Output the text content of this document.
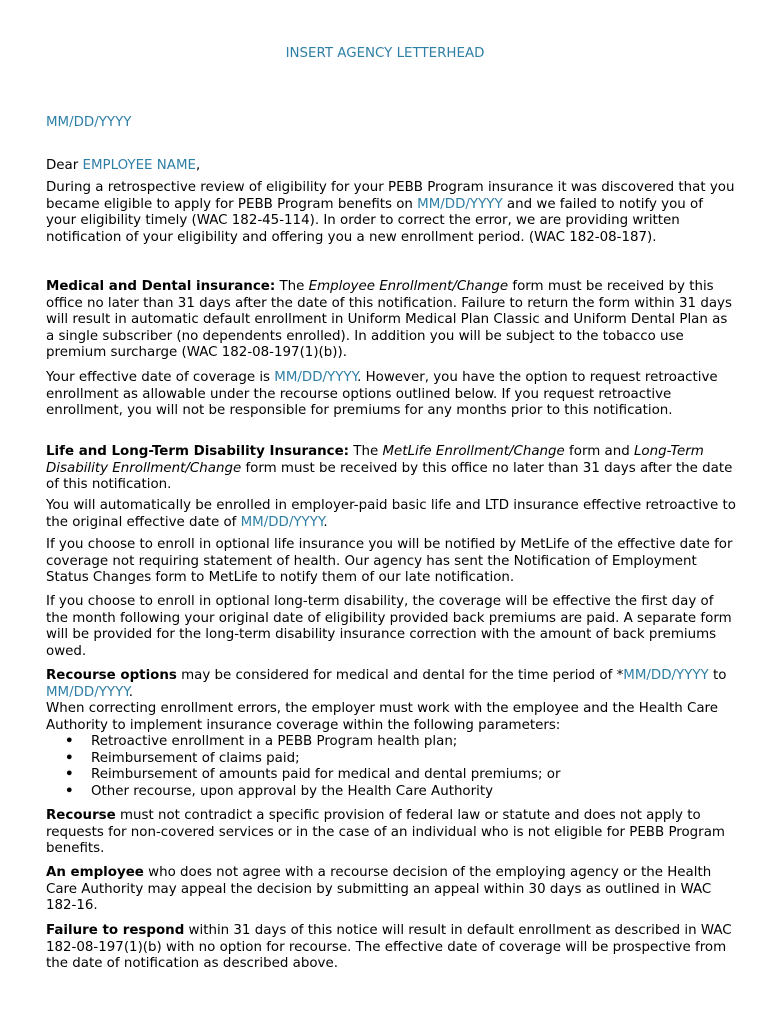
INSERT AGENCY LETTERHEAD
MM/DD/YYYY
Dear EMPLOYEE NAME,
During a retrospective review of eligibility for your PEBB Program insurance it was discovered that you became eligible to apply for PEBB Program benefits on MM/DD/YYYY and we failed to notify you of your eligibility timely (WAC 182-45-114). In order to correct the error, we are providing written notification of your eligibility and offering you a new enrollment period. (WAC 182-08-187).
Medical and Dental insurance: The Employee Enrollment/Change form must be received by this office no later than 31 days after the date of this notification. Failure to return the form within 31 days will result in automatic default enrollment in Uniform Medical Plan Classic and Uniform Dental Plan as a single subscriber (no dependents enrolled). In addition you will be subject to the tobacco use premium surcharge (WAC 182-08-197(1)(b)).
Your effective date of coverage is MM/DD/YYYY. However, you have the option to request retroactive enrollment as allowable under the recourse options outlined below. If you request retroactive enrollment, you will not be responsible for premiums for any months prior to this notification.
Life and Long-Term Disability Insurance: The MetLife Enrollment/Change form and Long-Term Disability Enrollment/Change form must be received by this office no later than 31 days after the date of this notification.
You will automatically be enrolled in employer-paid basic life and LTD insurance effective retroactive to the original effective date of MM/DD/YYYY.
If you choose to enroll in optional life insurance you will be notified by MetLife of the effective date for coverage not requiring statement of health. Our agency has sent the Notification of Employment Status Changes form to MetLife to notify them of our late notification.
If you choose to enroll in optional long-term disability, the coverage will be effective the first day of the month following your original date of eligibility provided back premiums are paid. A separate form will be provided for the long-term disability insurance correction with the amount of back premiums owed.
Recourse options may be considered for medical and dental for the time period of *MM/DD/YYYY to MM/DD/YYYY.
When correcting enrollment errors, the employer must work with the employee and the Health Care Authority to implement insurance coverage within the following parameters:
• Retroactive enrollment in a PEBB Program health plan;
• Reimbursement of claims paid;
• Reimbursement of amounts paid for medical and dental premiums; or
• Other recourse, upon approval by the Health Care Authority
Recourse must not contradict a specific provision of federal law or statute and does not apply to requests for non-covered services or in the case of an individual who is not eligible for PEBB Program benefits.
An employee who does not agree with a recourse decision of the employing agency or the Health Care Authority may appeal the decision by submitting an appeal within 30 days as outlined in WAC 182-16.
Failure to respond within 31 days of this notice will result in default enrollment as described in WAC 182-08-197(1)(b) with no option for recourse. The effective date of coverage will be prospective from the date of notification as described above.
